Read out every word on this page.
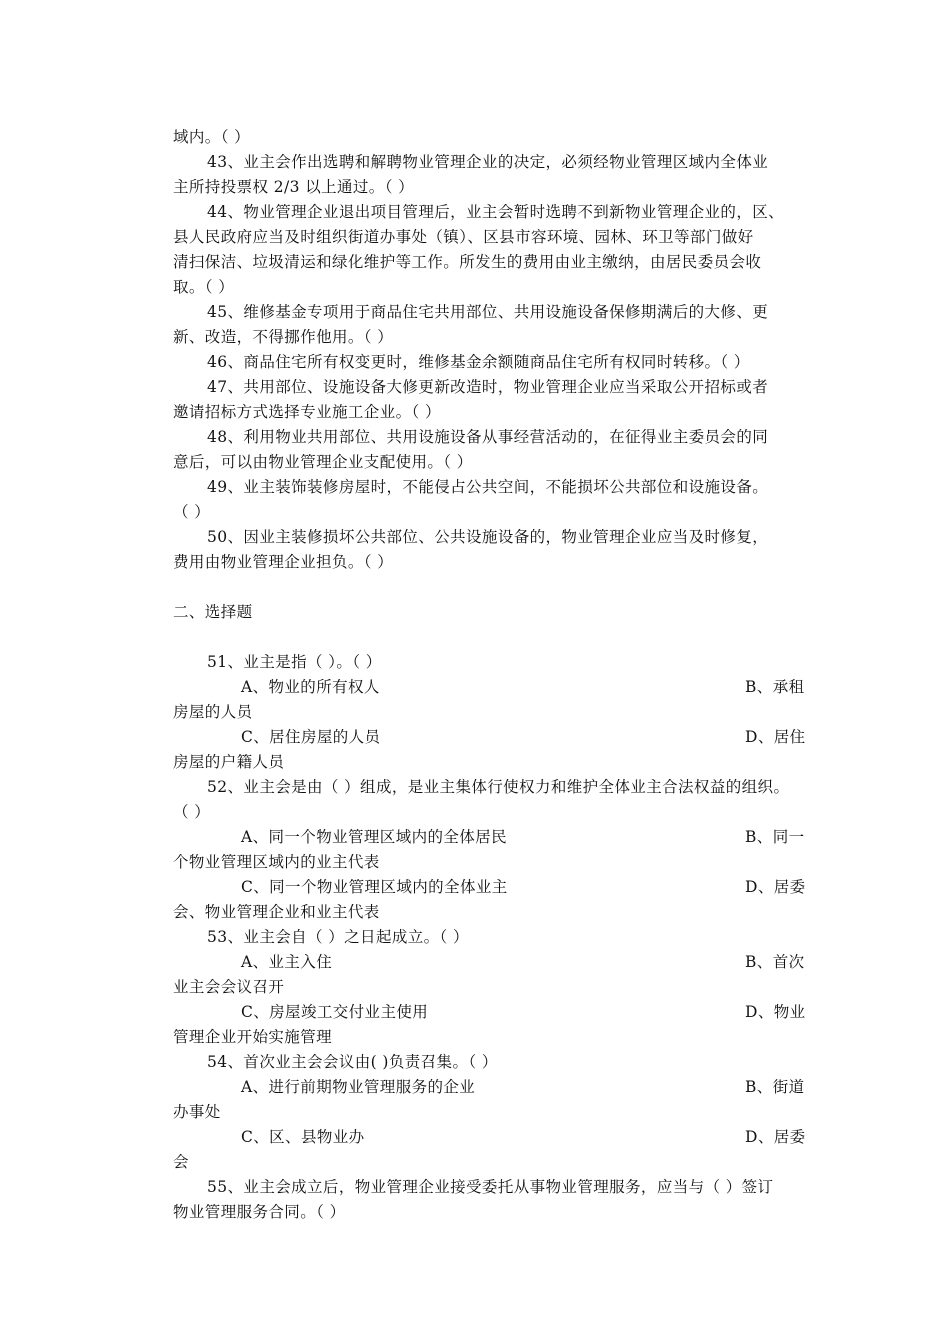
域内。（ ）
43、业主会作出选聘和解聘物业管理企业的决定，必须经物业管理区域内全体业
主所持投票权 2/3 以上通过。（ ）
44、物业管理企业退出项目管理后，业主会暂时选聘不到新物业管理企业的，区、
县人民政府应当及时组织街道办事处（镇）、区县市容环境、园林、环卫等部门做好
清扫保洁、垃圾清运和绿化维护等工作。所发生的费用由业主缴纳，由居民委员会收
取。（ ）
45、维修基金专项用于商品住宅共用部位、共用设施设备保修期满后的大修、更
新、改造，不得挪作他用。（ ）
46、商品住宅所有权变更时，维修基金余额随商品住宅所有权同时转移。（ ）
47、共用部位、设施设备大修更新改造时，物业管理企业应当采取公开招标或者
邀请招标方式选择专业施工企业。（ ）
48、利用物业共用部位、共用设施设备从事经营活动的，在征得业主委员会的同
意后，可以由物业管理企业支配使用。（ ）
49、业主装饰装修房屋时，不能侵占公共空间，不能损坏公共部位和设施设备。
（ ）
50、因业主装修损坏公共部位、公共设施设备的，物业管理企业应当及时修复，
费用由物业管理企业担负。（ ）
二、选择题
51、业主是指（ ）。（ ）
A、物业的所有权人	B、承租
房屋的人员
C、居住房屋的人员	D、居住
房屋的户籍人员
52、业主会是由（ ）组成，是业主集体行使权力和维护全体业主合法权益的组织。
（ ）
A、同一个物业管理区域内的全体居民	B、同一
个物业管理区域内的业主代表
C、同一个物业管理区域内的全体业主	D、居委
会、物业管理企业和业主代表
53、业主会自（ ）之日起成立。（ ）
A、业主入住	B、首次
业主会会议召开
C、房屋竣工交付业主使用	D、物业
管理企业开始实施管理
54、首次业主会会议由( )负责召集。（ ）
A、进行前期物业管理服务的企业	B、街道
办事处
C、区、县物业办	D、居委
会
55、业主会成立后，物业管理企业接受委托从事物业管理服务，应当与（ ）签订
物业管理服务合同。（ ）
